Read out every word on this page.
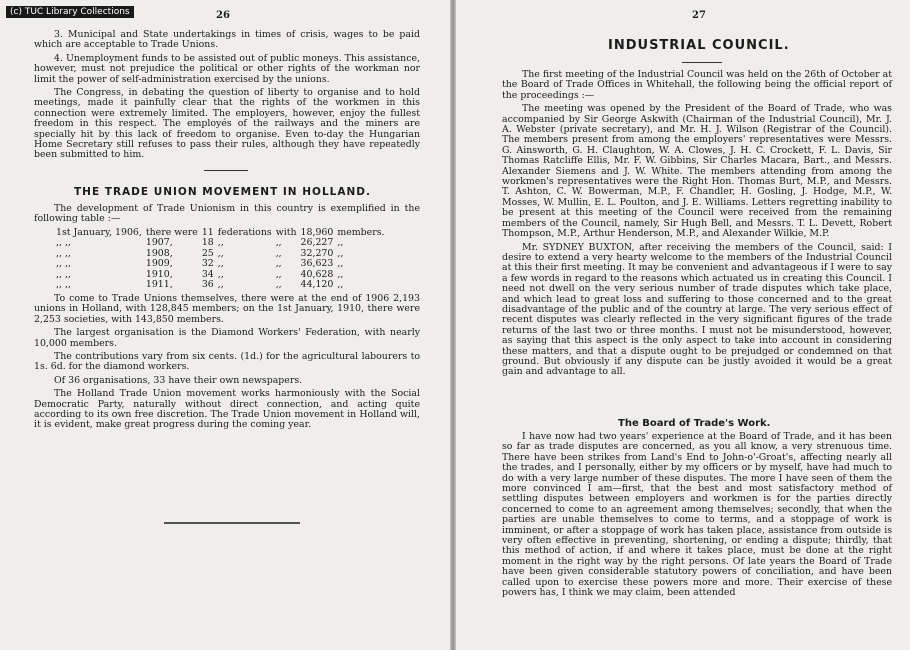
(c) TUC Library Collections	26

3. Municipal and State undertakings in times of crisis, wages to be paid which are acceptable to Trade Unions.

4. Unemployment funds to be assisted out of public moneys. This assistance, however, must not prejudice the political or other rights of the workman nor limit the power of self-administration exercised by the unions.

The Congress, in debating the question of liberty to organise and to hold meetings, made it painfully clear that the rights of the workmen in this connection were extremely limited. The employers, however, enjoy the fullest freedom in this respect. The employés of the railways and the miners are specially hit by this lack of freedom to organise. Even to-day the Hungarian Home Secretary still refuses to pass their rules, although they have repeatedly been submitted to him.

THE TRADE UNION MOVEMENT IN HOLLAND.

The development of Trade Unionism in this country is exemplified in the following table :—

1st January, 1906,	there were	11	federations	with	18,960	members.
,, ,,	1907,	18	,,	,,	26,227	,,
,, ,,	1908,	25	,,	,,	32,270	,,
,, ,,	1909,	32	,,	,,	36,623	,,
,, ,,	1910,	34	,,	,,	40,628	,,
,, ,,	1911,	36	,,	,,	44,120	,,

To come to Trade Unions themselves, there were at the end of 1906 2,193 unions in Holland, with 128,845 members; on the 1st January, 1910, there were 2,253 societies, with 143,850 members.

The largest organisation is the Diamond Workers' Federation, with nearly 10,000 members.

The contributions vary from six cents. (1d.) for the agricultural labourers to 1s. 6d. for the diamond workers.

Of 36 organisations, 33 have their own newspapers.

The Holland Trade Union movement works harmoniously with the Social Democratic Party, naturally without direct connection, and acting quite according to its own free discretion. The Trade Union movement in Holland will, it is evident, make great progress during the coming year.

27
INDUSTRIAL COUNCIL.

The first meeting of the Industrial Council was held on the 26th of October at the Board of Trade Offices in Whitehall, the following being the official report of the proceedings :—

The meeting was opened by the President of the Board of Trade, who was accompanied by Sir George Askwith (Chairman of the Industrial Council), Mr. J. A. Webster (private secretary), and Mr. H. J. Wilson (Registrar of the Council). The members present from among the employers' representatives were Messrs. G. Ainsworth, G. H. Claughton, W. A. Clowes, J. H. C. Crockett, F. L. Davis, Sir Thomas Ratcliffe Ellis, Mr. F. W. Gibbins, Sir Charles Macara, Bart., and Messrs. Alexander Siemens and J. W. White. The members attending from among the workmen's representatives were the Right Hon. Thomas Burt, M.P., and Messrs. T. Ashton, C. W. Bowerman, M.P., F. Chandler, H. Gosling, J. Hodge, M.P., W. Mosses, W. Mullin, E. L. Poulton, and J. E. Williams. Letters regretting inability to be present at this meeting of the Council were received from the remaining members of the Council, namely, Sir Hugh Bell, and Messrs. T. L. Devett, Robert Thompson, M.P., Arthur Henderson, M.P., and Alexander Wilkie, M.P.

Mr. SYDNEY BUXTON, after receiving the members of the Council, said: I desire to extend a very hearty welcome to the members of the Industrial Council at this their first meeting. It may be convenient and advantageous if I were to say a few words in regard to the reasons which actuated us in creating this Council. I need not dwell on the very serious number of trade disputes which take place, and which lead to great loss and suffering to those concerned and to the great disadvantage of the public and of the country at large. The very serious effect of recent disputes was clearly reflected in the very significant figures of the trade returns of the last two or three months. I must not be misunderstood, however, as saying that this aspect is the only aspect to take into account in considering these matters, and that a dispute ought to be prejudged or condemned on that ground. But obviously if any dispute can be justly avoided it would be a great gain and advantage to all.

The Board of Trade's Work.

I have now had two years' experience at the Board of Trade, and it has been so far as trade disputes are concerned, as you all know, a very strenuous time. There have been strikes from Land's End to John-o'-Groat's, affecting nearly all the trades, and I personally, either by my officers or by myself, have had much to do with a very large number of these disputes. The more I have seen of them the more convinced I am—first, that the best and most satisfactory method of settling disputes between employers and workmen is for the parties directly concerned to come to an agreement among themselves; secondly, that when the parties are unable themselves to come to terms, and a stoppage of work is imminent, or after a stoppage of work has taken place, assistance from outside is very often effective in preventing, shortening, or ending a dispute; thirdly, that this method of action, if and where it takes place, must be done at the right moment in the right way by the right persons. Of late years the Board of Trade have been given considerable statutory powers of conciliation, and have been called upon to exercise these powers more and more. Their exercise of these powers has, I think we may claim, been attended
